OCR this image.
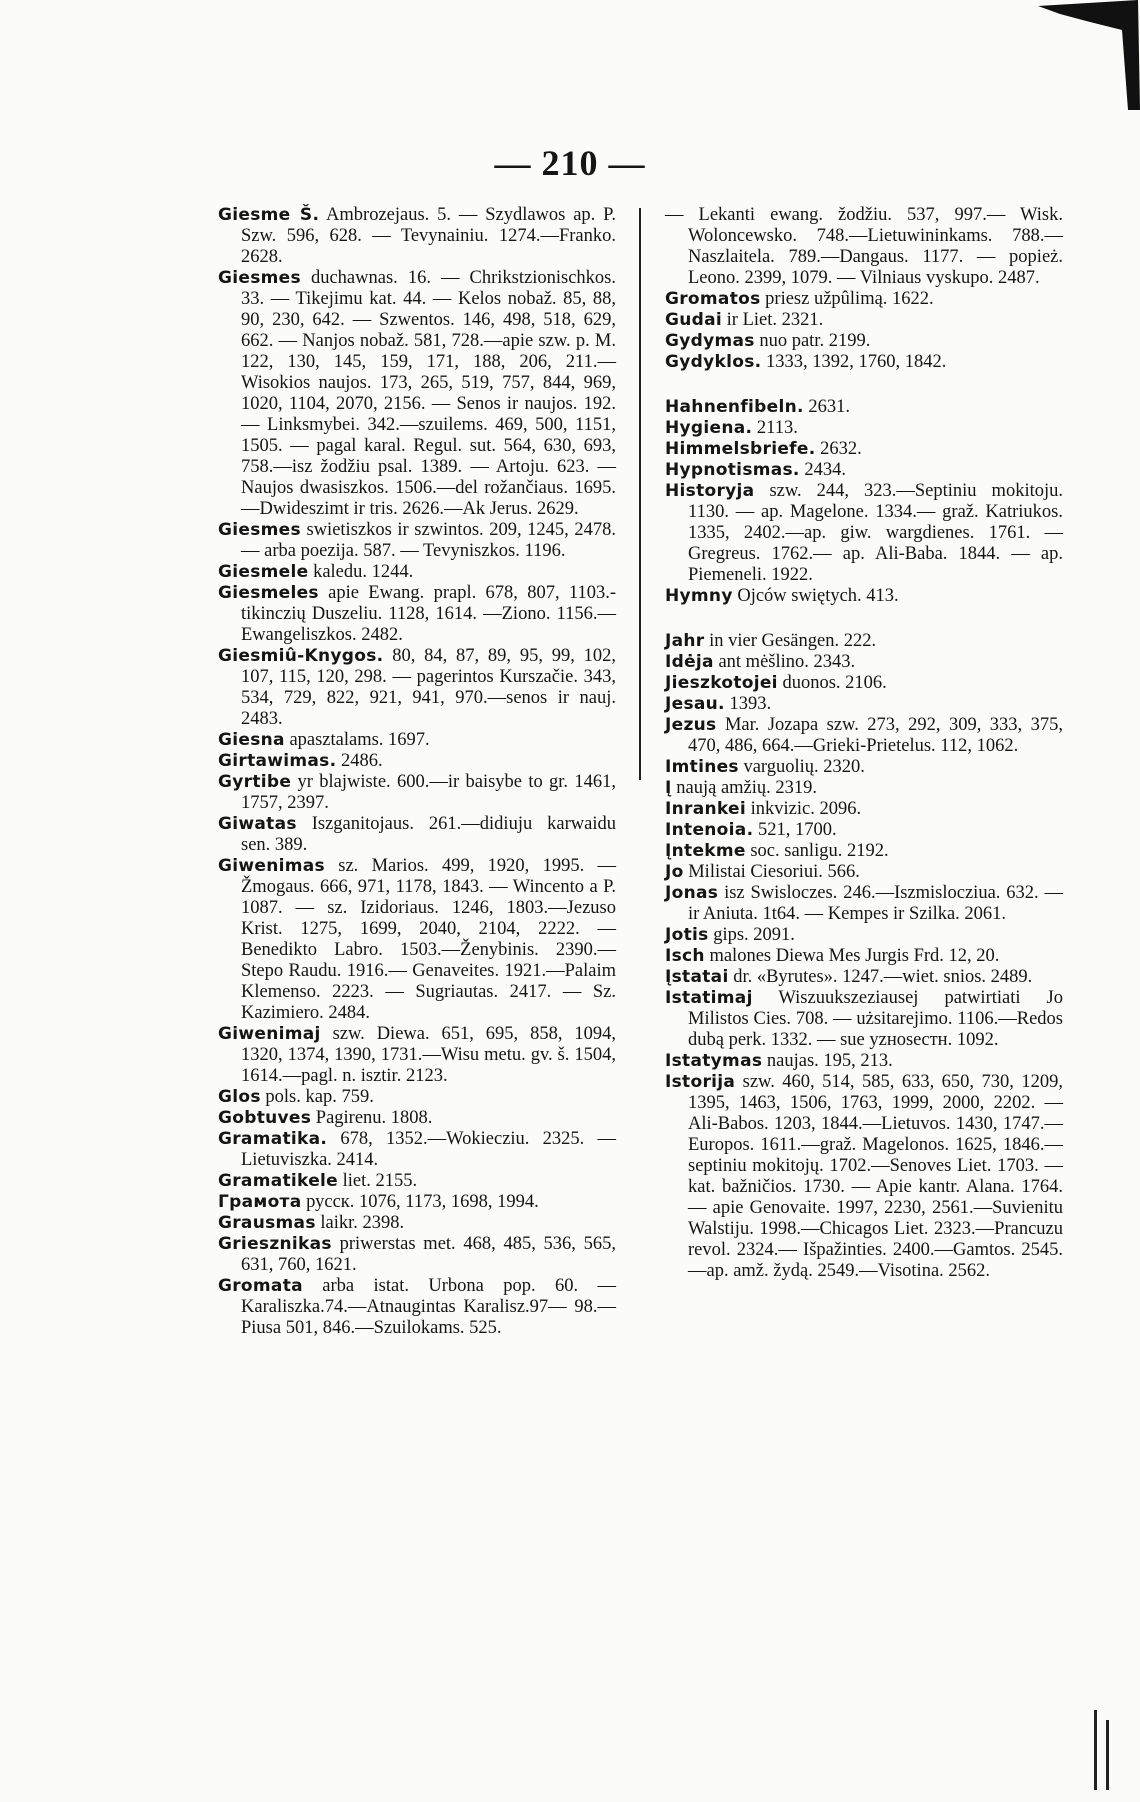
— 210 —

Giesme Š. Ambrozejaus. 5. — Szydlawos ap. P. Szw. 596, 628. — Tevynainiu. 1274.—Franko. 2628.

Giesmes duchawnas. 16. — Chrikstzionischkos. 33. — Tikejimu kat. 44. — Kelos nobaž. 85, 88, 90, 230, 642. — Szwentos. 146, 498, 518, 629, 662. — Nanjos nobaž. 581, 728.—apie szw. p. M. 122, 130, 145, 159, 171, 188, 206, 211.—Wisokios naujos. 173, 265, 519, 757, 844, 969, 1020, 1104, 2070, 2156. — Senos ir naujos. 192.— Linksmybei. 342.—szuilems. 469, 500, 1151, 1505. — pagal karal. Regul. sut. 564, 630, 693, 758.—isz žodžiu psal. 1389. — Artoju. 623. — Naujos dwasiszkos. 1506.—del rožančiaus. 1695.—Dwideszimt ir tris. 2626.—Ak Jerus. 2629.

Giesmes swietiszkos ir szwintos. 209, 1245, 2478. — arba poezija. 587. — Tevyniszkos. 1196.

Giesmele kaledu. 1244.

Giesmeles apie Ewang. prapl. 678, 807, 1103.-tikinczių Duszeliu. 1128, 1614. —Ziono. 1156.—Ewangeliszkos. 2482.

Giesmiû-Knygos. 80, 84, 87, 89, 95, 99, 102, 107, 115, 120, 298. — pagerintos Kurszačie. 343, 534, 729, 822, 921, 941, 970.—senos ir nauj. 2483.

Giesna apasztalams. 1697.

Girtawimas. 2486.

Gyrtibe yr blajwiste. 600.—ir baisybe to gr. 1461, 1757, 2397.

Giwatas Iszganitojaus. 261.—didiuju karwaidu sen. 389.

Giwenimas sz. Marios. 499, 1920, 1995. — Žmogaus. 666, 971, 1178, 1843. — Wincento a P. 1087. — sz. Izidoriaus. 1246, 1803.—Jezuso Krist. 1275, 1699, 2040, 2104, 2222. — Benedikto Labro. 1503.—Ženybinis. 2390.—Stepo Raudu. 1916.— Genaveites. 1921.—Palaim Klemenso. 2223. — Sugriautas. 2417. — Sz. Kazimiero. 2484.

Giwenimaj szw. Diewa. 651, 695, 858, 1094, 1320, 1374, 1390, 1731.—Wisu metu. gv. š. 1504, 1614.—pagl. n. isztir. 2123.

Glos pols. kap. 759.

Gobtuves Pagirenu. 1808.

Gramatika. 678, 1352.—Wokiecziu. 2325. —Lietuviszka. 2414.

Gramatikele liet. 2155.

Грамота русск. 1076, 1173, 1698, 1994.

Grausmas laikr. 2398.

Griesznikas priwerstas met. 468, 485, 536, 565, 631, 760, 1621.

Gromata arba istat. Urbona pop. 60. — Karaliszka.74.—Atnaugintas Karalisz.97— 98.—Piusa 501, 846.—Szuilokams. 525.

— Lekanti ewang. žodžiu. 537, 997.— Wisk. Woloncewsko. 748.—Lietuwininkams. 788.—Naszlaitela. 789.—Dangaus. 1177. — popież. Leono. 2399, 1079. — Vilniaus vyskupo. 2487.

Gromatos priesz užpûlimą. 1622.

Gudai ir Liet. 2321.

Gydymas nuo patr. 2199.

Gydyklos. 1333, 1392, 1760, 1842.

Hahnenfibeln. 2631.

Hygiena. 2113.

Himmelsbriefe. 2632.

Hypnotismas. 2434.

Historyja szw. 244, 323.—Septiniu mokitoju. 1130. — ap. Magelone. 1334.— graž. Katriukos. 1335, 2402.—ap. giw. wargdienes. 1761. — Gregreus. 1762.— ap. Ali-Baba. 1844. — ap. Piemeneli. 1922.

Hymny Ojców swiętych. 413.

Jahr in vier Gesängen. 222.

Idėja ant mėšlino. 2343.

Jieszkotojei duonos. 2106.

Jesau. 1393.

Jezus Mar. Jozapa szw. 273, 292, 309, 333, 375, 470, 486, 664.—Grieki-Prietelus. 112, 1062.

Imtines varguolių. 2320.

Į naują amžių. 2319.

Inrankei inkvizic. 2096.

Intenoia. 521, 1700.

Įntekme soc. sanligu. 2192.

Jo Milistai Ciesoriui. 566.

Jonas isz Swisloczes. 246.—Iszmislocziua. 632. — ir Aniuta. 1t64. — Kempes ir Szilka. 2061.

Jotis gips. 2091.

Isch malones Diewa Mes Jurgis Frd. 12, 20.

Įstatai dr. «Byrutes». 1247.—wiet. snios. 2489.

Istatimaj Wiszuukszeziausej patwirtiati Jo Milistos Cies. 708. — użsitarejimo. 1106.—Redos dubą perk. 1332. — sue yzнoseстн. 1092.

Istatymas naujas. 195, 213.

Istorija szw. 460, 514, 585, 633, 650, 730, 1209, 1395, 1463, 1506, 1763, 1999, 2000, 2202. — Ali-Babos. 1203, 1844.—Lietuvos. 1430, 1747.—Europos. 1611.—graž. Magelonos. 1625, 1846.— septiniu mokitojų. 1702.—Senoves Liet. 1703. — kat. bažničios. 1730. — Apie kantr. Alana. 1764. — apie Genovaite. 1997, 2230, 2561.—Suvienitu Walstiju. 1998.—Chicagos Liet. 2323.—Prancuzu revol. 2324.— Išpažinties. 2400.—Gamtos. 2545.—ap. amž. žydą. 2549.—Visotina. 2562.
